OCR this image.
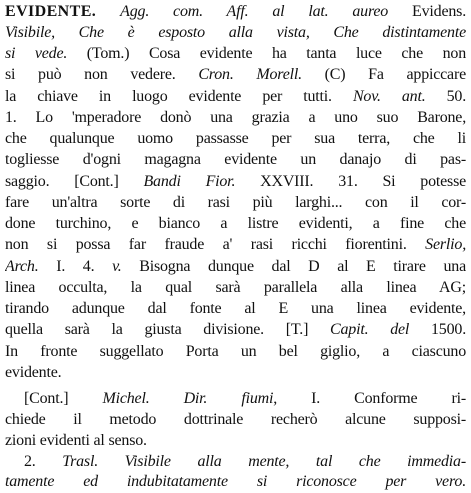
EVIDENTE. Agg. com. Aff. al lat. aureo Evidens.
Visibile, Che è esposto alla vista, Che distintamente
si vede. (Tom.) Cosa evidente ha tanta luce che non
si può non vedere. Cron. Morell. (C) Fa appiccare
la chiave in luogo evidente per tutti. Nov. ant. 50.
1. Lo 'mperadore donò una grazia a uno suo Barone,
che qualunque uomo passasse per sua terra, che li
togliesse d'ogni magagna evidente un danajo di pas-
saggio. [Cont.] Bandi Fior. XXVIII. 31. Si potesse
fare un'altra sorte di rasi più larghi... con il cor-
done turchino, e bianco a listre evidenti, a fine che
non si possa far fraude a' rasi ricchi fiorentini. Serlio,
Arch. I. 4. v. Bisogna dunque dal D al E tirare una
linea occulta, la qual sarà parallela alla linea AG;
tirando adunque dal fonte al E una linea evidente,
quella sarà la giusta divisione. [T.] Capit. del 1500.
In fronte suggellato Porta un bel giglio, a ciascuno
evidente.
[Cont.] Michel. Dir. fiumi, I. Conforme ri-
chiede il metodo dottrinale recherò alcune supposi-
zioni evidenti al senso.
2. Trasl. Visibile alla mente, tal che immedia-
tamente ed indubitatamente si riconosce per vero.
